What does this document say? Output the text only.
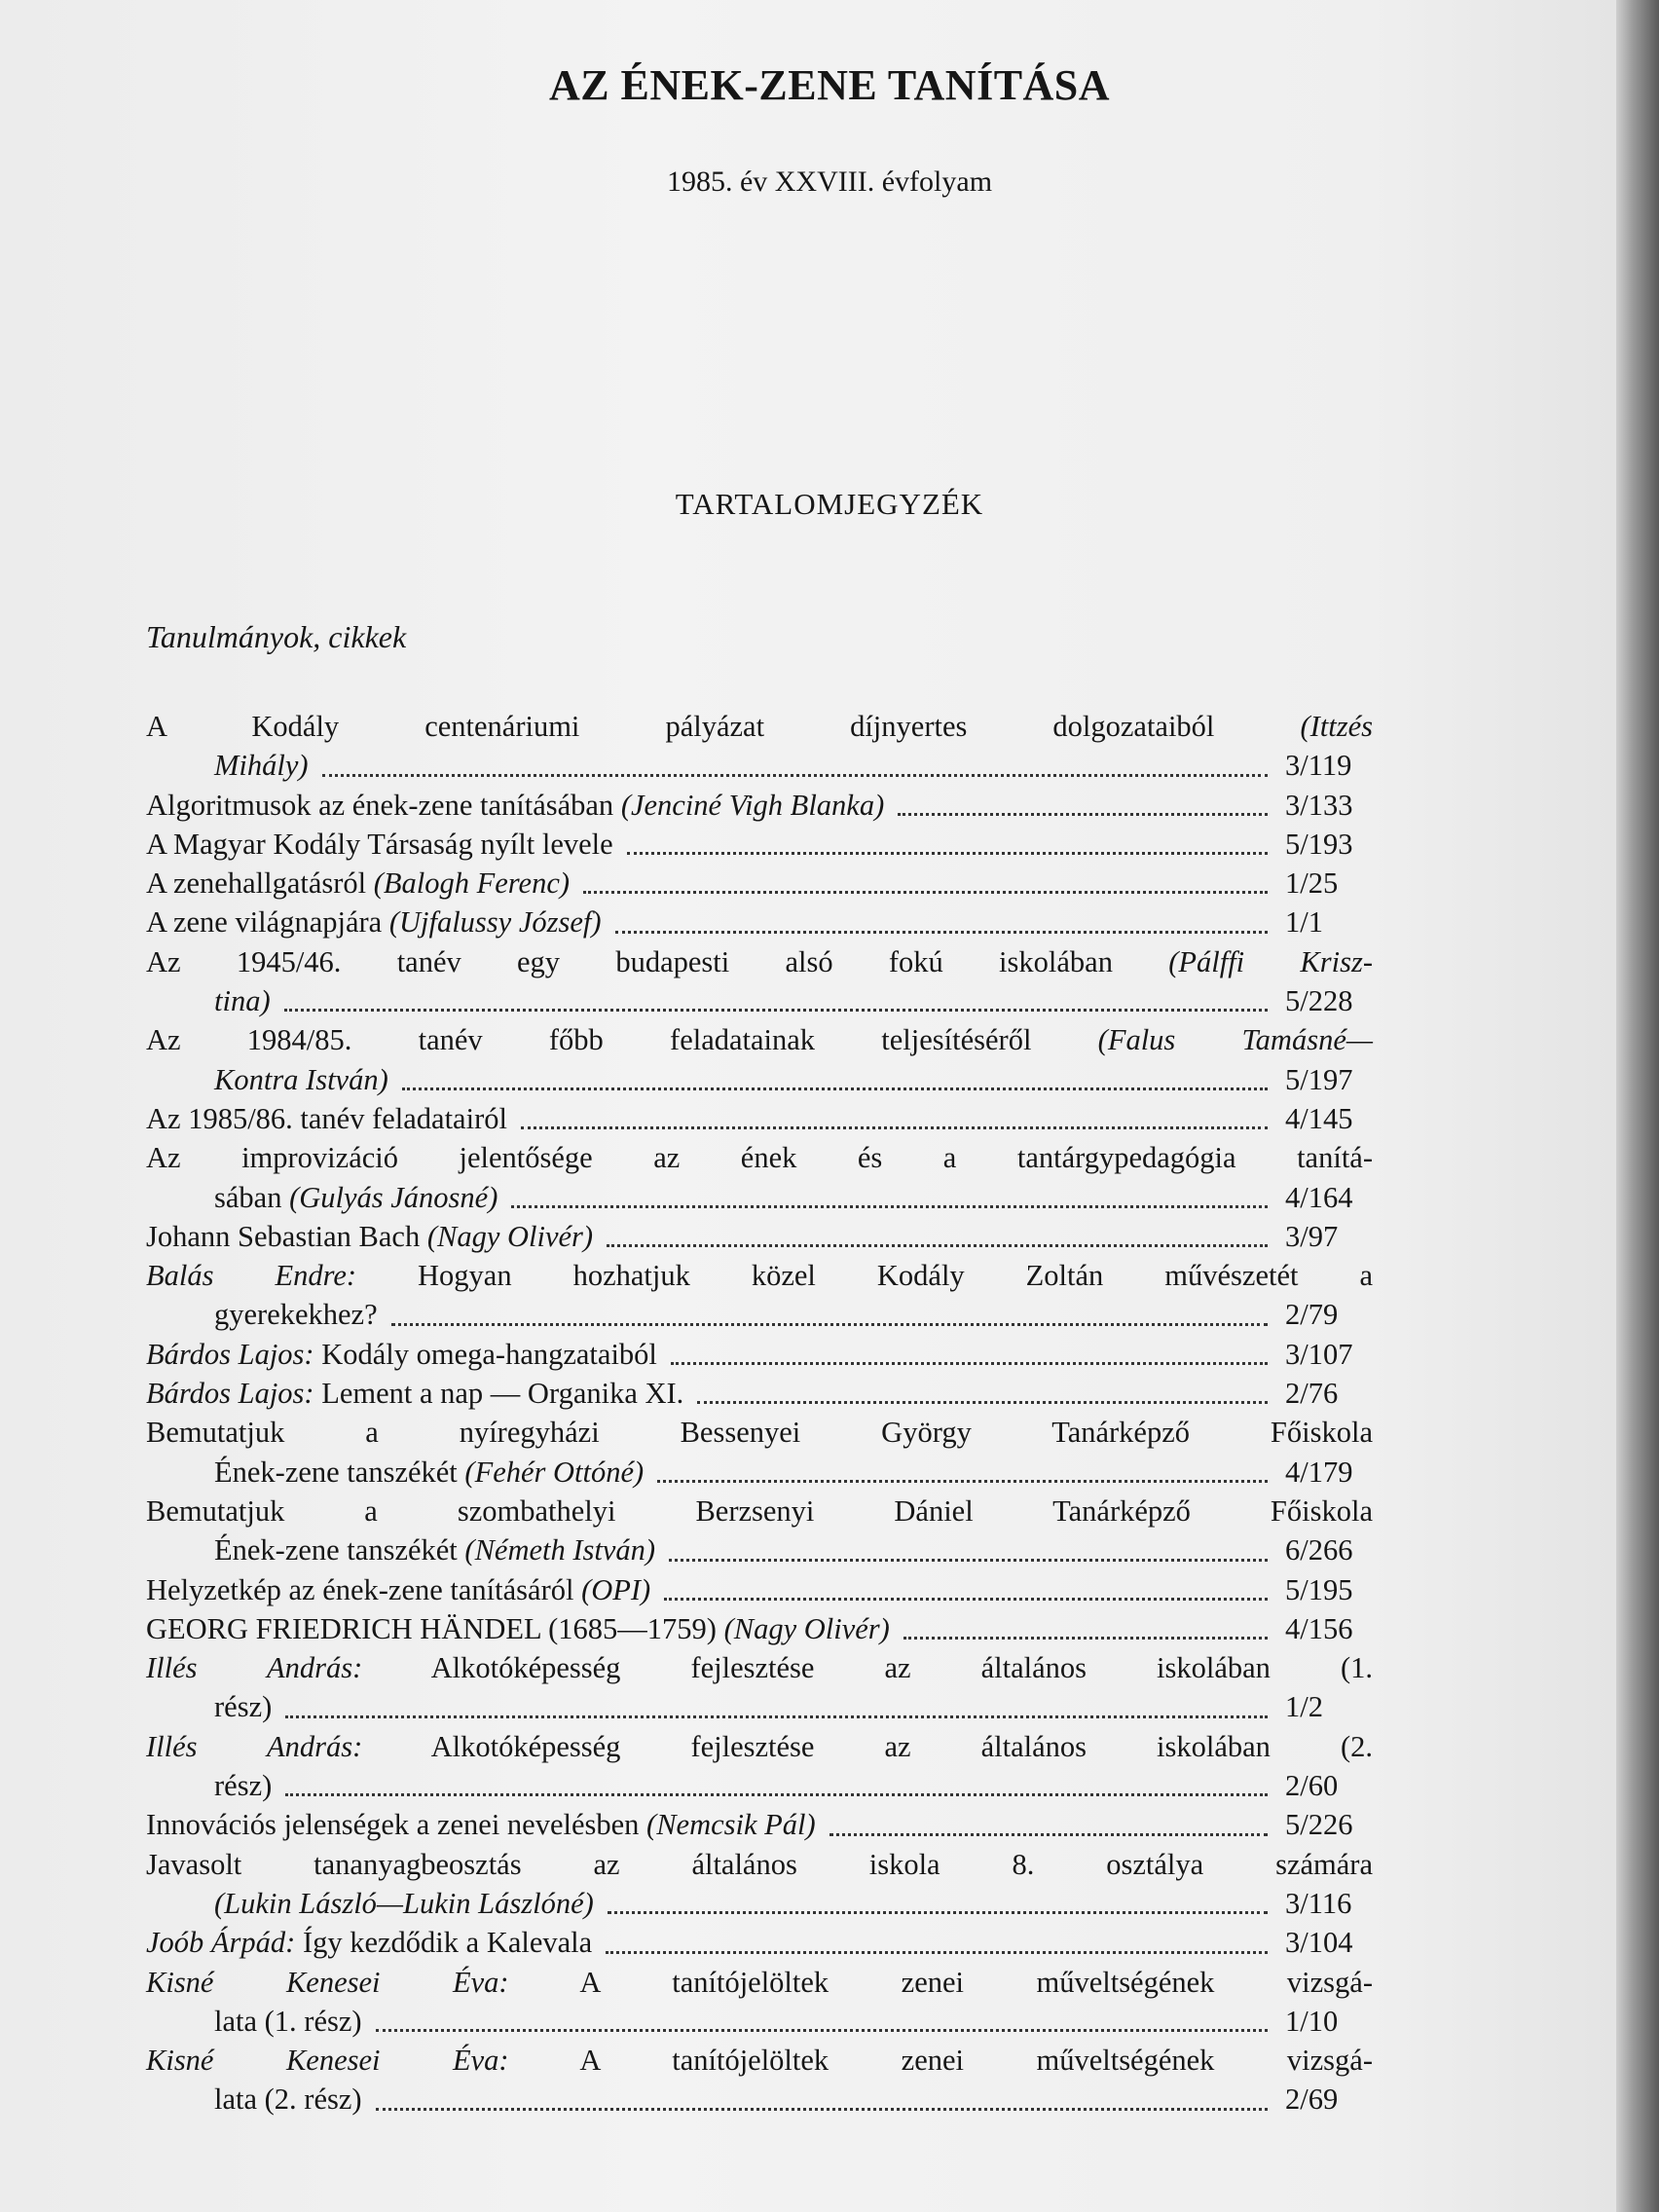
AZ ÉNEK-ZENE TANÍTÁSA
1985. év XXVIII. évfolyam
TARTALOMJEGYZÉK
Tanulmányok, cikkek
A Kodály centenáriumi pályázat díjnyertes dolgozataiból (Ittzés
Mihály)	3/119
Algoritmusok az ének-zene tanításában (Jenciné Vigh Blanka)	3/133
A Magyar Kodály Társaság nyílt levele	5/193
A zenehallgatásról (Balogh Ferenc)	1/25
A zene világnapjára (Ujfalussy József)	1/1
Az 1945/46. tanév egy budapesti alsó fokú iskolában (Pálffi Krisz-
tina)	5/228
Az 1984/85. tanév főbb feladatainak teljesítéséről (Falus Tamásné—
Kontra István)	5/197
Az 1985/86. tanév feladatairól	4/145
Az improvizáció jelentősége az ének és a tantárgypedagógia tanítá-
sában (Gulyás Jánosné)	4/164
Johann Sebastian Bach (Nagy Olivér)	3/97
Balás Endre: Hogyan hozhatjuk közel Kodály Zoltán művészetét a
gyerekekhez?	2/79
Bárdos Lajos: Kodály omega-hangzataiból	3/107
Bárdos Lajos: Lement a nap — Organika XI.	2/76
Bemutatjuk a nyíregyházi Bessenyei György Tanárképző Főiskola
Ének-zene tanszékét (Fehér Ottóné)	4/179
Bemutatjuk a szombathelyi Berzsenyi Dániel Tanárképző Főiskola
Ének-zene tanszékét (Németh István)	6/266
Helyzetkép az ének-zene tanításáról (OPI)	5/195
GEORG FRIEDRICH HÄNDEL (1685—1759) (Nagy Olivér)	4/156
Illés András: Alkotóképesség fejlesztése az általános iskolában (1.
rész)	1/2
Illés András: Alkotóképesség fejlesztése az általános iskolában (2.
rész)	2/60
Innovációs jelenségek a zenei nevelésben (Nemcsik Pál)	5/226
Javasolt tananyagbeosztás az általános iskola 8. osztálya számára
(Lukin László—Lukin Lászlóné)	3/116
Joób Árpád: Így kezdődik a Kalevala	3/104
Kisné Kenesei Éva: A tanítójelöltek zenei műveltségének vizsgá-
lata (1. rész)	1/10
Kisné Kenesei Éva: A tanítójelöltek zenei műveltségének vizsgá-
lata (2. rész)	2/69
